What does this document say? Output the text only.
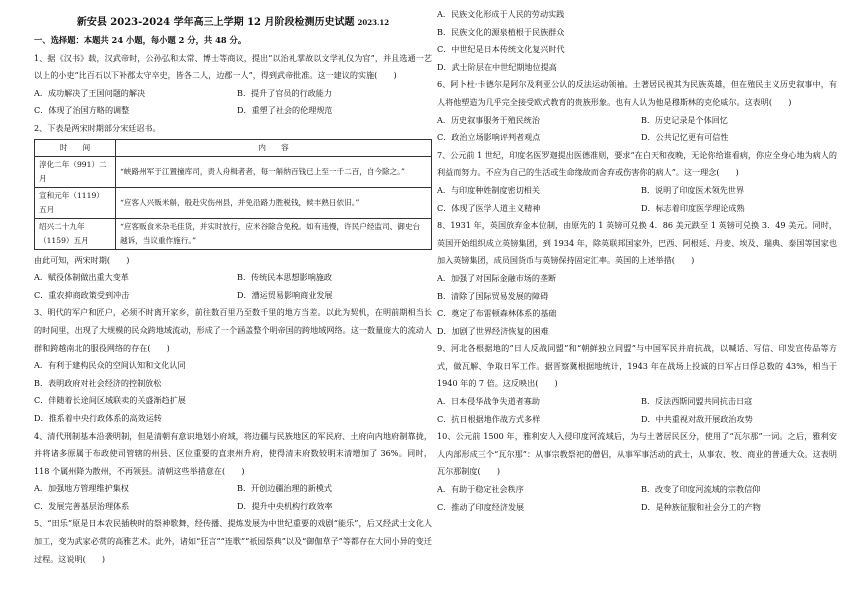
新安县 2023-2024 学年高三上学期 12 月阶段检测历史试题 2023.12
一、选择题：本题共 24 小题，每小题 2 分，共 48 分。

1、据《汉书》载，汉武帝时，公孙弘和太常、博士等商议，提出“以治礼掌故以文学礼仪为官”，并且选通一艺以上的小吏“比百石以下补郡太守卒史，皆各二人，边郡一人”，得到武帝批准。这一建议的实施(　　)

A．成功解决了王国问题的解决	B．提升了官员的行政能力
C．体现了治国方略的调整	D．重塑了社会的伦理规范

2、下表是两宋时期部分宋廷诏书。

时　　间	内　　容
淳化二年（991）二月	“峡路州军于江置撞库司，责人舟楫者者，每一斛纳百钱已上至一千二百，自今除之。”
宣和元年（1119）五月	“应客人兴贩米斛，般赴灾伤州县，并免沿路力胜税钱，候丰熟日依旧。”
绍兴二十九年（1159）五月	“应客贩食米杂毛佳货，并实时放行，应米谷除合免税。如有违慢，许民户经监司、御史台越诉，当议重作施行。”

由此可知，两宋时期(　　)

A．赋役体制做出重大变革	B．传统民本思想影响施政
C．重农抑商政策受到冲击	D．漕运贸易影响商业发展

3、明代的军户和匠户，必须不时离开家乡，前往数百里乃至数千里的地方当差。以此为契机，在明前期相当长的时间里，出现了大规模的民众跨地域流动，形成了一个涵盖整个明帝国的跨地域网络。这一数量庞大的流动人群和跨越南北的服役网络的存在(　　)

A．有利于建构民众的空间认知和文化认同
B．表明政府对社会经济的控制放松
C．伴随着长途间区域联卖的关盛渐趋扩展
D．推系着中央行政体系的高效运转

4、清代刑制基本沿袭明制，但是清朝有意识地划小府域，将边疆与民族地区的军民府、土府向内地府制靠拢，并将诸多原属于布政使司管辖的州县、区位重要的直隶州升府，使得清末府数较明末清增加了 36%。同时，118 个属州降为散州，不再领县。清朝这些举措意在(　　)

A．加强地方管理维护集权	B．开创边疆治理的新模式
C．发展完善基层治理体系	D．提升中央机构行政效率

5、“田乐”原是日本农民插秧时的祭神歌舞，经传播、提炼发展为中世纪重要的戏剧“能乐”，后又经武士文化人加工，变为武家必赏的高雅艺术。此外，诸如“狂言”“连歌”“祇园祭典”以及“御伽草子”等都存在大同小异的变迁过程。这说明(　　)

A．民族文化形成于人民的劳动实践
B．民族文化的源泉植根于民族群众
C．中世纪是日本传统文化复兴时代
D．武士阶层在中世纪期地位提高

6、阿卜杜·卡德尔是阿尔及利亚公认的反法运动领袖。土著居民视其为民族英雄，但在殖民主义历史叙事中，有人将他塑造为几乎完全接受欧式教育的贵族形象。也有人认为他是穆斯林的克伦威尔。这表明(　　)

A．历史叙事服务于殖民统治	B．历史记录是个体回忆
C．政治立场影响评判者观点	D．公共记忆更有可信性

7、公元前 1 世纪，印度名医罗迦提出医德准则，要求“在白天和夜晚，无论你给谁看病，你应全身心地为病人的利益而努力。不应为自己的生活或生命缘故而舍弃或伤害你的病人”。这一理念(　　)

A．与印度种姓制度密切相关	B．说明了印度医术领先世界
C．体现了医学人道主义精神	D．标志着印度医学理论成熟

8、1931 年，英国放弃金本位制，由原先的 1 英镑可兑换 4．86 美元跌至 1 英镑可兑换 3．49 美元。同时，英国开始组织成立英镑集团，到 1934 年，除英联邦国家外，巴西、阿根廷、丹麦、埃及、瑞典、泰国等国家也加入英镑集团，成员国货币与英镑保持固定汇率。英国的上述举措(　　)

A．加强了对国际金融市场的垄断
B．清除了国际贸易发展的障碍
C．奠定了布雷顿森林体系的基础
D．加剧了世界经济恢复的困难

9、河北各根据地的“日人反战同盟”和“朝鲜独立同盟”与中国军民并肩抗战，以喊话、写信、印发宣传品等方式，做瓦解、争取日军工作。据晋察冀根据地统计，1943 年在战场上投诚的日军占日俘总数的 43%，相当于 1940 年的 7 倍。这反映出(　　)

A．日本侵华战争失道者寡助	B．反法西斯同盟共同抗击日寇
C．抗日根据地作战方式多样	D．中共重视对敌开展政治攻势

10、公元前 1500 年，雅利安人入侵印度河流域后，为与土著居民区分，使用了“瓦尔那”一词。之后，雅利安人内部形成三个“瓦尔那”：从事宗教祭祀的僧侣，从事军事活动的武士，从事农、牧、商业的普通大众。这表明瓦尔那制度(　　)

A．有助于稳定社会秩序	B．改变了印度河流域的宗教信仰
C．推动了印度经济发展	D．是种族征服和社会分工的产物
